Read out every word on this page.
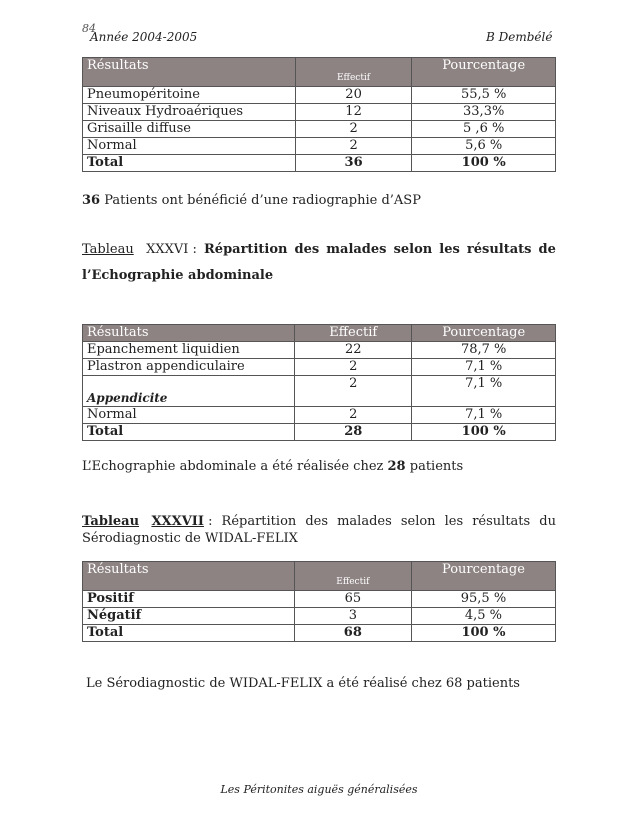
84
Année 2004-2005	B Dembélé
Résultats	Effectif	Pourcentage
Pneumopéritoine	20	55,5 %
Niveaux Hydroaériques	12	33,3%
Grisaille diffuse	2	5 ,6 %
Normal	2	5,6 %
Total	36	100 %
36 Patients ont bénéficié d’une radiographie d’ASP
Tableau XXXVI : Répartition des malades selon les résultats de
l’Echographie abdominale
Résultats	Effectif	Pourcentage
Epanchement liquidien	22	78,7 %
Plastron appendiculaire	2	7,1 %
Appendicite	2	7,1 %
Normal	2	7,1 %
Total	28	100 %
L’Echographie abdominale a été réalisée chez 28 patients
Tableau XXXVII : Répartition des malades selon les résultats du
Sérodiagnostic de WIDAL-FELIX
Résultats	Effectif	Pourcentage
Positif	65	95,5 %
Négatif	3	4,5 %
Total	68	100 %
Le Sérodiagnostic de WIDAL-FELIX a été réalisé chez 68 patients
Les Péritonites aiguës généralisées
